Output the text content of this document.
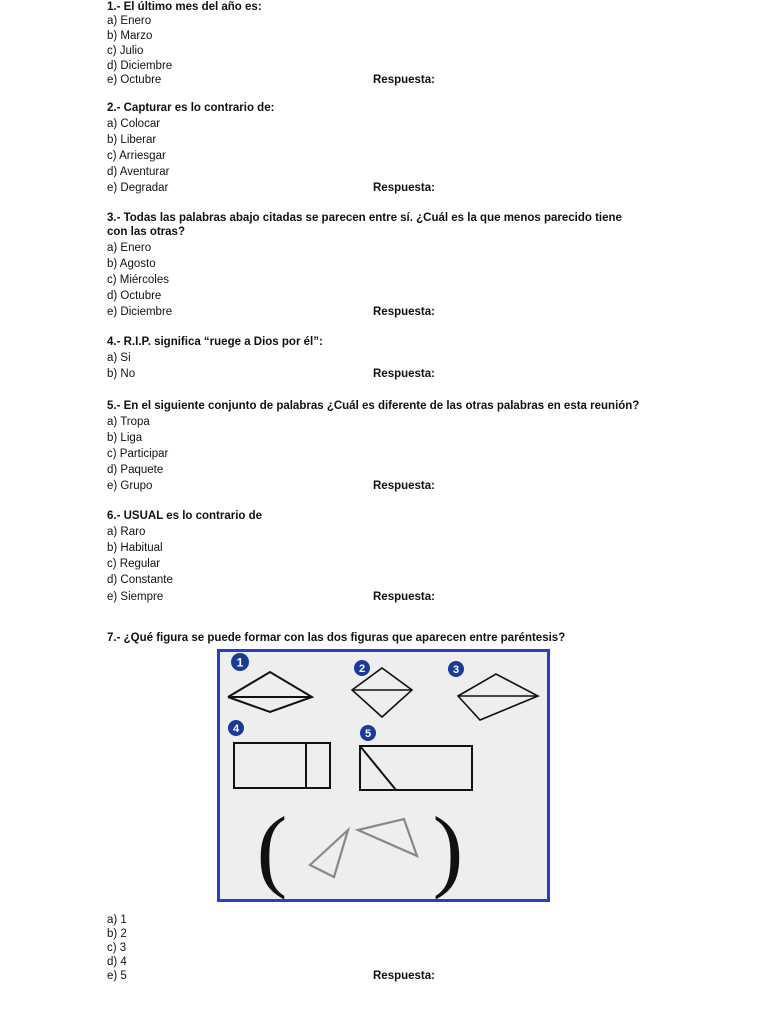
1.- El último mes del año es:
a) Enero
b) Marzo
c) Julio
d) Diciembre
e) Octubre	Respuesta:
2.- Capturar es lo contrario de:
a) Colocar
b) Liberar
c) Arriesgar
d) Aventurar
e) Degradar	Respuesta:
3.- Todas las palabras abajo citadas se parecen entre sí. ¿Cuál es la que menos parecido tiene
con las otras?
a) Enero
b) Agosto
c) Miércoles
d) Octubre
e) Diciembre	Respuesta:
4.- R.I.P. significa “ruege a Dios por él”:
a) Si
b) No	Respuesta:
5.- En el siguiente conjunto de palabras ¿Cuál es diferente de las otras palabras en esta reunión?
a) Tropa
b) Liga
c) Participar
d) Paquete
e) Grupo	Respuesta:
6.- USUAL es lo contrario de
a) Raro
b) Habitual
c) Regular
d) Constante
e) Siempre	Respuesta:
7.- ¿Qué figura se puede formar con las dos figuras que aparecen entre paréntesis?
1	2	3
4	5
( )
a) 1
b) 2
c) 3
d) 4
e) 5	Respuesta:
